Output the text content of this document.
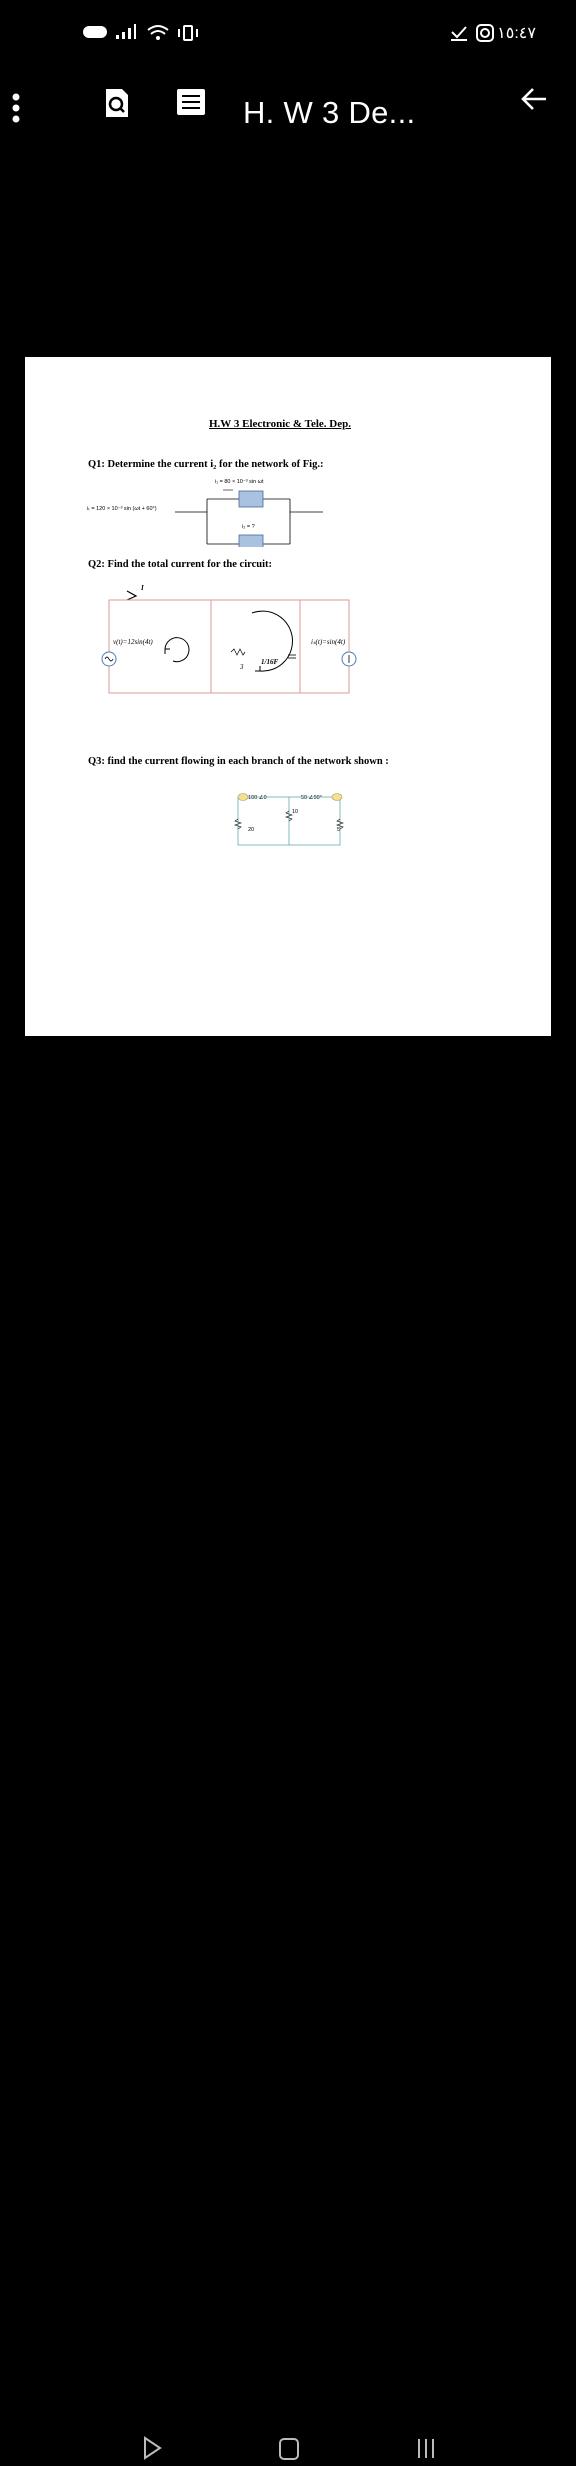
١٥:٤٧
H. W 3 De...
H.W 3 Electronic & Tele. Dep.
Q1: Determine the current i₂ for the network of Fig.:
i₁ = 80 × 10⁻³ sin ωt
iₜ = 120 × 10⁻³ sin (ωt + 60°)
i₂ = ?
Q2: Find the total current for the circuit:
I
v(t)=12sin(4t)	iₛ(t)=sin(4t)
3
1/16F
Q3: find the current flowing in each branch of the network shown :
100 ∠0	50 ∠90°
20
10
5
